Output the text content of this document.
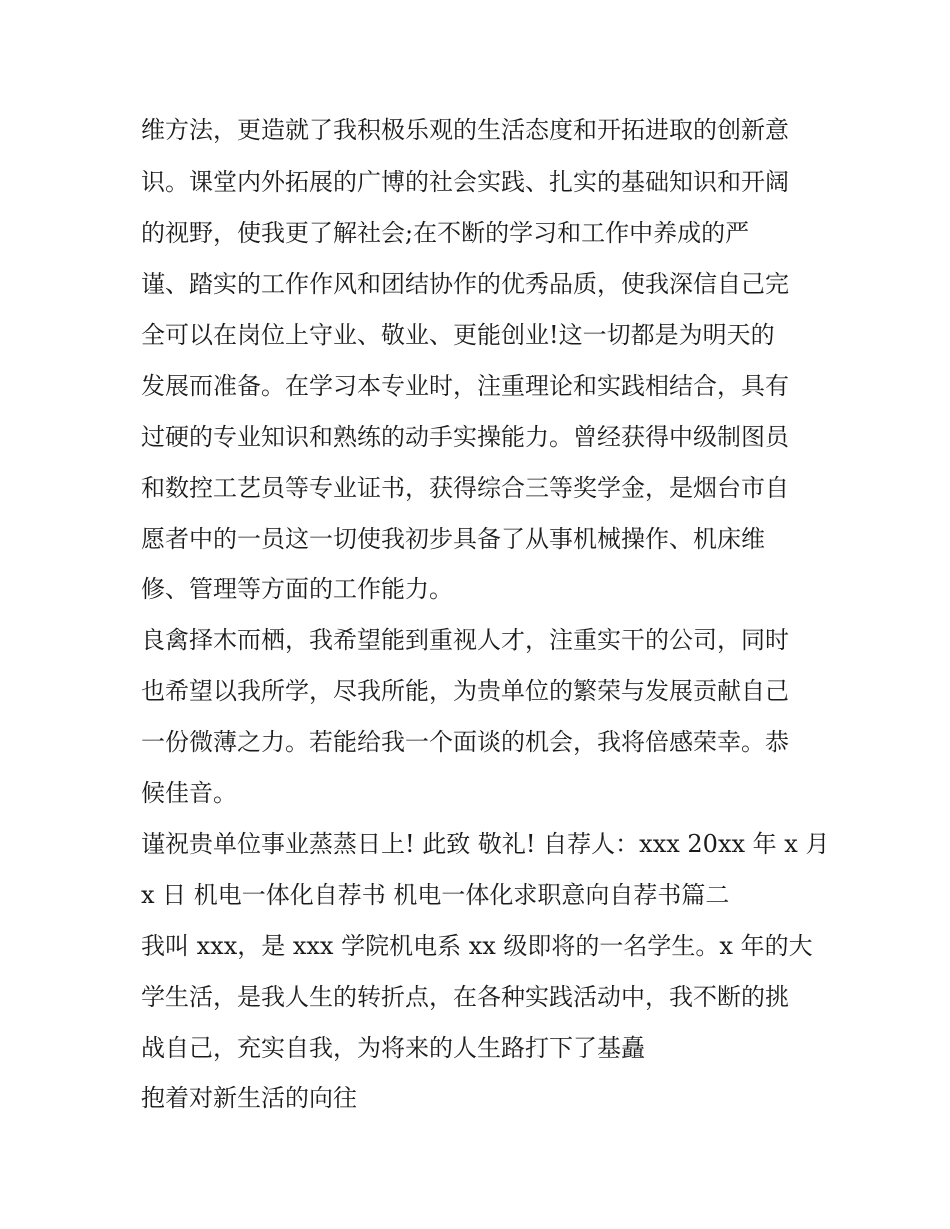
维方法，更造就了我积极乐观的生活态度和开拓进取的创新意
识。课堂内外拓展的广博的社会实践、扎实的基础知识和开阔
的视野，使我更了解社会;在不断的学习和工作中养成的严
谨、踏实的工作作风和团结协作的优秀品质，使我深信自己完
全可以在岗位上守业、敬业、更能创业!这一切都是为明天的
发展而准备。在学习本专业时，注重理论和实践相结合，具有
过硬的专业知识和熟练的动手实操能力。曾经获得中级制图员
和数控工艺员等专业证书，获得综合三等奖学金，是烟台市自
愿者中的一员这一切使我初步具备了从事机械操作、机床维
修、管理等方面的工作能力。
良禽择木而栖，我希望能到重视人才，注重实干的公司，同时
也希望以我所学，尽我所能，为贵单位的繁荣与发展贡献自己
一份微薄之力。若能给我一个面谈的机会，我将倍感荣幸。恭
候佳音。
谨祝贵单位事业蒸蒸日上! 此致 敬礼! 自荐人：xxx 20xx 年 x 月
x 日 机电一体化自荐书 机电一体化求职意向自荐书篇二
我叫 xxx，是 xxx 学院机电系 xx 级即将的一名学生。x 年的大
学生活，是我人生的转折点，在各种实践活动中，我不断的挑
战自己，充实自我，为将来的人生路打下了基矗
抱着对新生活的向往
